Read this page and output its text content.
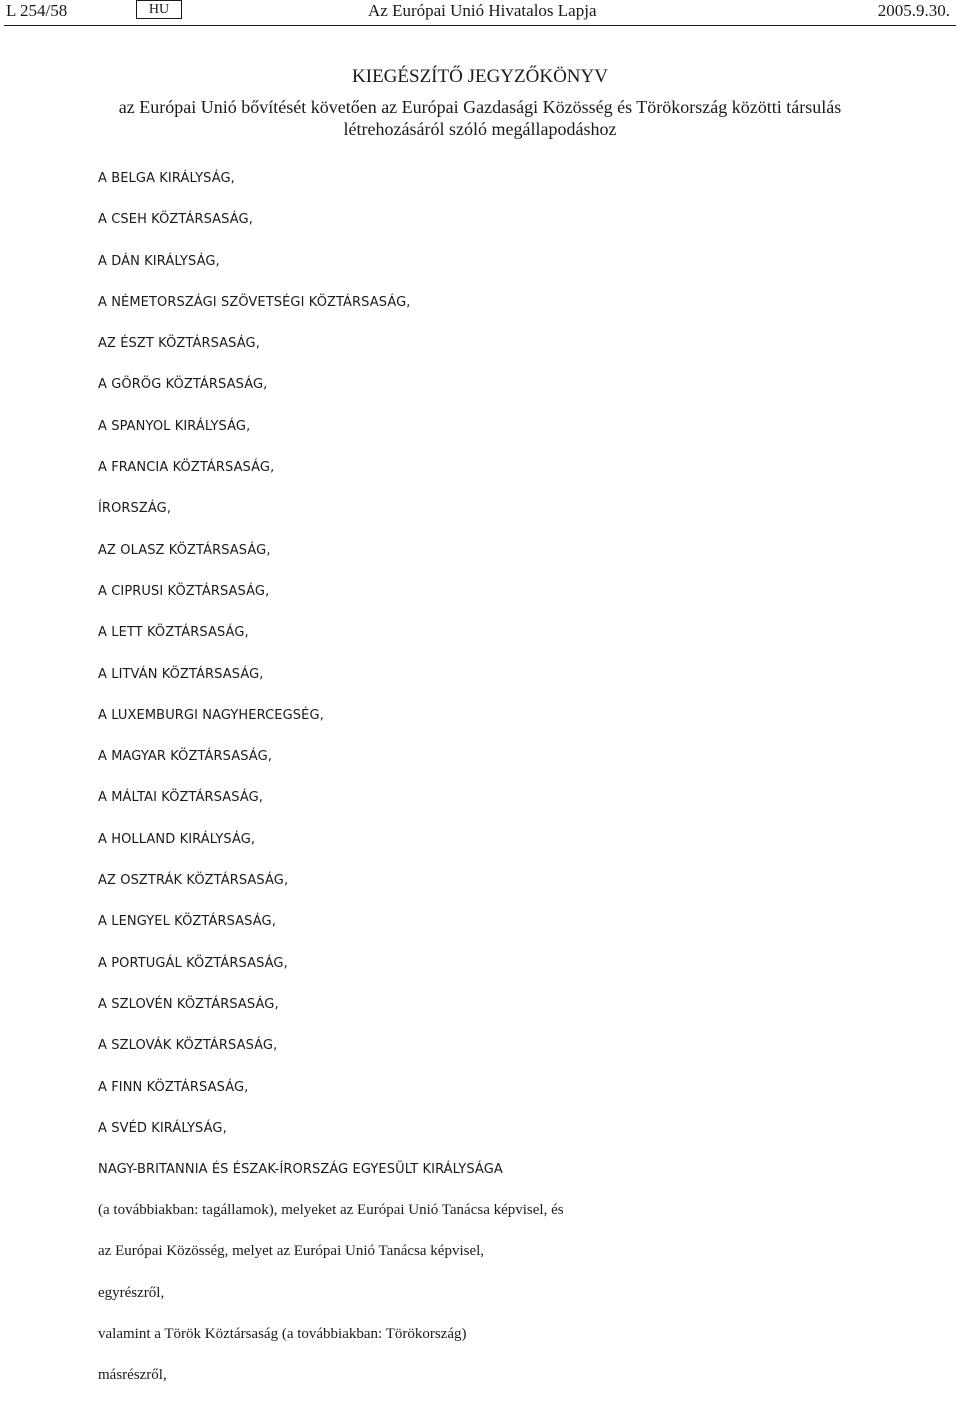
L 254/58	HU	Az Európai Unió Hivatalos Lapja	2005.9.30.
KIEGÉSZÍTŐ JEGYZŐKÖNYV
az Európai Unió bővítését követően az Európai Gazdasági Közösség és Törökország közötti társulás létrehozásáról szóló megállapodáshoz
A BELGA KIRÁLYSÁG,
A CSEH KÖZTÁRSASÁG,
A DÁN KIRÁLYSÁG,
A NÉMETORSZÁGI SZÖVETSÉGI KÖZTÁRSASÁG,
AZ ÉSZT KÖZTÁRSASÁG,
A GÖRÖG KÖZTÁRSASÁG,
A SPANYOL KIRÁLYSÁG,
A FRANCIA KÖZTÁRSASÁG,
ÍRORSZÁG,
AZ OLASZ KÖZTÁRSASÁG,
A CIPRUSI KÖZTÁRSASÁG,
A LETT KÖZTÁRSASÁG,
A LITVÁN KÖZTÁRSASÁG,
A LUXEMBURGI NAGYHERCEGSÉG,
A MAGYAR KÖZTÁRSASÁG,
A MÁLTAI KÖZTÁRSASÁG,
A HOLLAND KIRÁLYSÁG,
AZ OSZTRÁK KÖZTÁRSASÁG,
A LENGYEL KÖZTÁRSASÁG,
A PORTUGÁL KÖZTÁRSASÁG,
A SZLOVÉN KÖZTÁRSASÁG,
A SZLOVÁK KÖZTÁRSASÁG,
A FINN KÖZTÁRSASÁG,
A SVÉD KIRÁLYSÁG,
NAGY-BRITANNIA ÉS ÉSZAK-ÍRORSZÁG EGYESÜLT KIRÁLYSÁGA

(a továbbiakban: tagállamok), melyeket az Európai Unió Tanácsa képvisel, és

az Európai Közösség, melyet az Európai Unió Tanácsa képvisel,

egyrészről,

valamint a Török Köztársaság (a továbbiakban: Törökország)

másrészről,
